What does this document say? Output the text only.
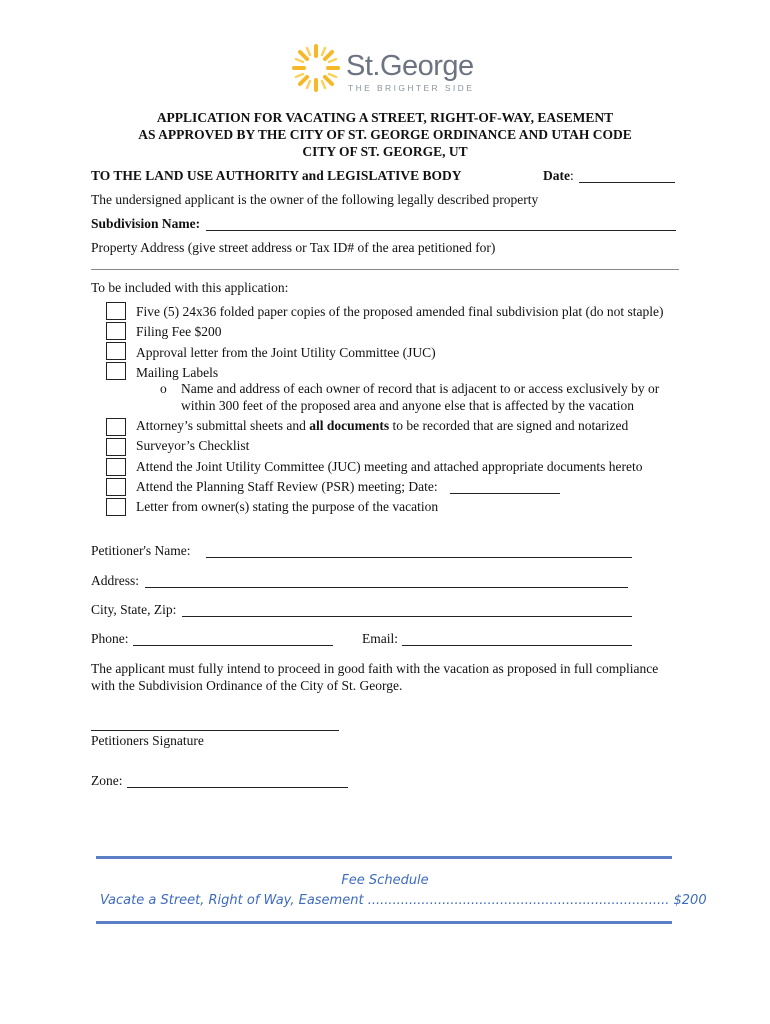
St.George
THE BRIGHTER SIDE
APPLICATION FOR VACATING A STREET, RIGHT-OF-WAY, EASEMENT
AS APPROVED BY THE CITY OF ST. GEORGE ORDINANCE AND UTAH CODE
CITY OF ST. GEORGE, UT
TO THE LAND USE AUTHORITY and LEGISLATIVE BODY	Date:
The undersigned applicant is the owner of the following legally described property
Subdivision Name:
Property Address (give street address or Tax ID# of the area petitioned for)
To be included with this application:
Five (5) 24x36 folded paper copies of the proposed amended final subdivision plat (do not staple)
Filing Fee $200
Approval letter from the Joint Utility Committee (JUC)
Mailing Labels
o Name and address of each owner of record that is adjacent to or access exclusively by or
within 300 feet of the proposed area and anyone else that is affected by the vacation
Attorney’s submittal sheets and all documents to be recorded that are signed and notarized
Surveyor’s Checklist
Attend the Joint Utility Committee (JUC) meeting and attached appropriate documents hereto
Attend the Planning Staff Review (PSR) meeting; Date:
Letter from owner(s) stating the purpose of the vacation
Petitioner's Name:
Address:
City, State, Zip:
Phone:	Email:
The applicant must fully intend to proceed in good faith with the vacation as proposed in full compliance
with the Subdivision Ordinance of the City of St. George.
Petitioners Signature
Zone:
Fee Schedule
Vacate a Street, Right of Way, Easement ......................................................................... $200
